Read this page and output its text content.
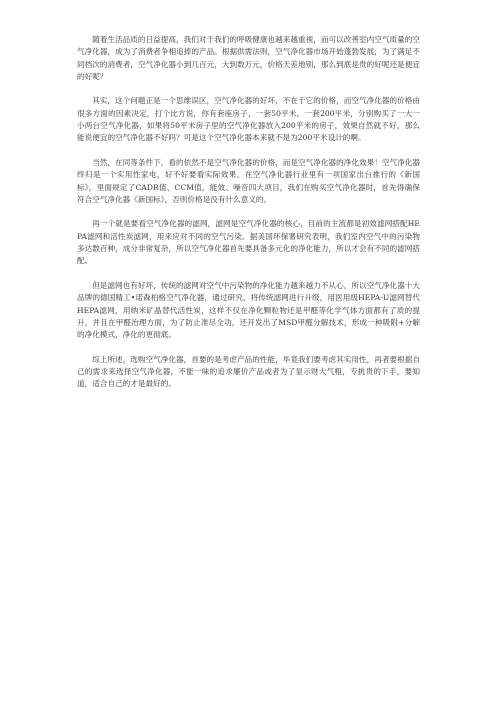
随着生活品质的日益提高，我们对于我们的呼吸健康也越来越重视，而可以改善室内空气质量的空气净化器，成为了消费者争相追捧的产品。根据供需法则，空气净化器市场开始蓬勃发展，为了满足不同档次的消费者，空气净化器小到几百元，大到数万元，价格天差地别，那么到底是贵的好呢还是便宜的好呢？

其实，这个问题正是一个思维误区，空气净化器的好坏，不在于它的价格，而空气净化器的价格由很多方面的因素决定，打个比方说，你有套座房子，一套50平米，一套200平米，分别购买了一大一小两台空气净化器，如果将50平米房子里的空气净化器放入200平米的房子，效果自然就不好，那么能说便宜的空气净化器不好吗？可是这个空气净化器本来就不是为200平米设计的啊。

当然，在同等条件下，看的依然不是空气净化器的价格，而是空气净化器的净化效果！空气净化器终归是一个实用性家电，好不好要看实际效果。在空气净化器行业里有一项国家出台推行的《新国标》，里面规定了CADR值、CCM值、能效、噪音四大项目，我们在购买空气净化器时，首先得确保符合空气净化器《新国标》，否则价格是没有什么意义的。

再一个就是要看空气净化器的滤网，滤网是空气净化器的核心，目前的主流都是初效滤网搭配HEPA滤网和活性炭滤网，用来应对不同的空气污染。据美国环保署研究表明，我们室内空气中的污染物多达数百种，成分非常复杂，所以空气净化器首先要具备多元化的净化能力，所以才会有不同的滤网搭配。

但是滤网也有好坏，传统的滤网对空气中污染物的净化能力越来越力不从心，所以空气净化器十大品牌的德国精工•诺森柏格空气净化器，通过研究，将传统滤网进行升级，用医用级HEPA-U滤网替代HEPA滤网，用纳米矿晶替代活性炭，这样不仅在净化颗粒物还是甲醛等化学气体方面都有了质的提升，并且在甲醛治理方面，为了防止准尽全功，还开发出了MSD甲醛分解技术，形成一种吸附+分解的净化模式，净化的更彻底。

综上所述，选购空气净化器，首要的是考虑产品的性能，毕竟我们要考虑其实用性，再者要根据自己的需求来选择空气净化器，不能一味的追求廉价产品或者为了显示财大气粗，专挑贵的下手，要知道，适合自己的才是最好的。
